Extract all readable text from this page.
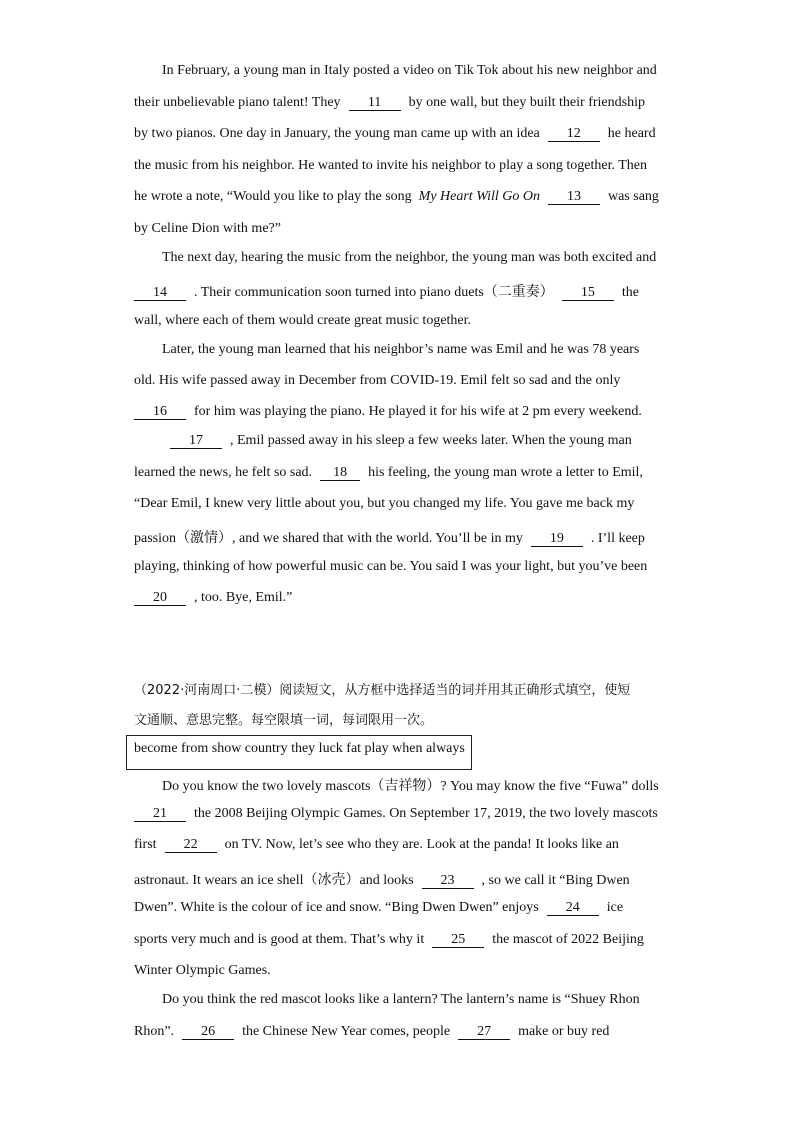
In February, a young man in Italy posted a video on Tik Tok about his new neighbor and
their unbelievable piano talent! They 11 by one wall, but they built their friendship
by two pianos. One day in January, the young man came up with an idea 12 he heard
the music from his neighbor. He wanted to invite his neighbor to play a song together. Then
he wrote a note, “Would you like to play the song My Heart Will Go On 13 was sang
by Celine Dion with me?”
The next day, hearing the music from the neighbor, the young man was both excited and
14 . Their communication soon turned into piano duets（二重奏） 15 the
wall, where each of them would create great music together.
Later, the young man learned that his neighbor’s name was Emil and he was 78 years
old. His wife passed away in December from COVID-19. Emil felt so sad and the only
16 for him was playing the piano. He played it for his wife at 2 pm every weekend.
17 , Emil passed away in his sleep a few weeks later. When the young man
learned the news, he felt so sad. 18 his feeling, the young man wrote a letter to Emil,
“Dear Emil, I knew very little about you, but you changed my life. You gave me back my
passion（激情）, and we shared that with the world. You’ll be in my 19 . I’ll keep
playing, thinking of how powerful music can be. You said I was your light, but you’ve been
20 , too. Bye, Emil.”
（2022·河南周口·二模）阅读短文，从方框中选择适当的词并用其正确形式填空，使短
文通顺、意思完整。每空限填一词，每词限用一次。
become from show country they luck fat play when always
Do you know the two lovely mascots（吉祥物）? You may know the five “Fuwa” dolls
21 the 2008 Beijing Olympic Games. On September 17, 2019, the two lovely mascots
first 22 on TV. Now, let’s see who they are. Look at the panda! It looks like an
astronaut. It wears an ice shell（冰壳）and looks 23 , so we call it “Bing Dwen
Dwen”. White is the colour of ice and snow. “Bing Dwen Dwen” enjoys 24 ice
sports very much and is good at them. That’s why it 25 the mascot of 2022 Beijing
Winter Olympic Games.
Do you think the red mascot looks like a lantern? The lantern’s name is “Shuey Rhon
Rhon”. 26 the Chinese New Year comes, people 27 make or buy red
